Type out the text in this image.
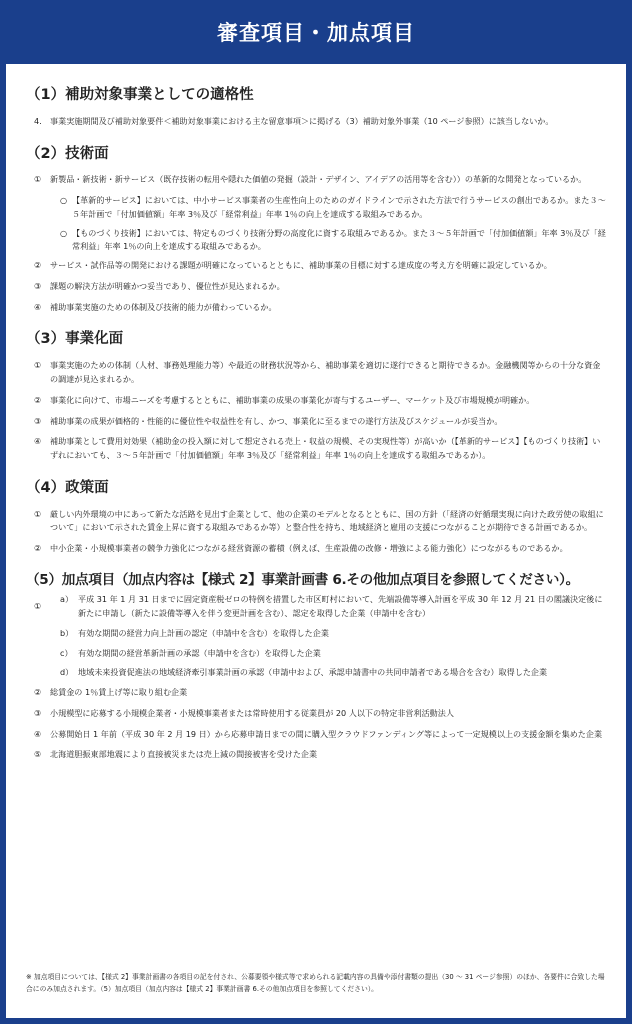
審査項目・加点項目
（1）補助対象事業としての適格性
4.	事業実施期間及び補助対象要件＜補助対象事業における主な留意事項＞に掲げる（3）補助対象外事業（10 ページ参照）に該当しないか。
（2）技術面
①	新製品・新技術・新サービス（既存技術の転用や隠れた価値の発掘（設計・デザイン、アイデアの活用等を含む））の革新的な開発となっているか。
○ 【革新的サービス】においては、中小サービス事業者の生産性向上のためのガイドラインで示された方法で行うサービスの創出であるか。また３～５年計画で「付加価値額」年率 3％及び「経常利益」年率 1％の向上を達成する取組みであるか。
○ 【ものづくり技術】においては、特定ものづくり技術分野の高度化に資する取組みであるか。また３～５年計画で「付加価値額」年率 3％及び「経常利益」年率 1％の向上を達成する取組みであるか。
②	サービス・試作品等の開発における課題が明確になっているとともに、補助事業の目標に対する達成度の考え方を明確に設定しているか。
③	課題の解決方法が明確かつ妥当であり、優位性が見込まれるか。
④	補助事業実施のための体制及び技術的能力が備わっているか。
（3）事業化面
①	事業実施のための体制（人材、事務処理能力等）や最近の財務状況等から、補助事業を適切に遂行できると期待できるか。金融機関等からの十分な資金の調達が見込まれるか。
②	事業化に向けて、市場ニーズを考慮するとともに、補助事業の成果の事業化が寄与するユーザー、マーケット及び市場規模が明確か。
③	補助事業の成果が価格的・性能的に優位性や収益性を有し、かつ、事業化に至るまでの遂行方法及びスケジュールが妥当か。
④	補助事業として費用対効果（補助金の投入額に対して想定される売上・収益の規模、その実現性等）が高いか（【革新的サービス】【ものづくり技術】いずれにおいても、３～５年計画で「付加価値額」年率 3％及び「経常利益」年率 1％の向上を達成する取組みであるか）。
（4）政策面
①	厳しい内外環境の中にあって新たな活路を見出す企業として、他の企業のモデルとなるとともに、国の方針（「経済の好循環実現に向けた政労使の取組について」において示された賃金上昇に資する取組みであるか等）と整合性を持ち、地域経済と雇用の支援につながることが期待できる計画であるか。
②	中小企業・小規模事業者の競争力強化につながる経営資源の蓄積（例えば、生産設備の改修・増強による能力強化）につながるものであるか。
（5）加点項目（加点内容は【様式 2】事業計画書 6.その他加点項目を参照してください）。
①
a） 平成 31 年 1 月 31 日までに固定資産税ゼロの特例を措置した市区町村において、先端設備等導入計画を平成 30 年 12 月 21 日の閣議決定後に新たに申請し（新たに設備等導入を伴う変更計画を含む）、認定を取得した企業（申請中を含む）
b） 有効な期間の経営力向上計画の認定（申請中を含む）を取得した企業
c） 有効な期間の経営革新計画の承認（申請中を含む）を取得した企業
d） 地域未来投資促進法の地域経済牽引事業計画の承認（申請中および、承認申請書中の共同申請者である場合を含む）取得した企業
②	総賃金の 1％賃上げ等に取り組む企業
③	小規模型に応募する小規模企業者・小規模事業者または常時使用する従業員が 20 人以下の特定非営利活動法人
④	公募開始日 1 年前（平成 30 年 2 月 19 日）から応募申請日までの間に購入型クラウドファンディング等によって一定規模以上の支援金額を集めた企業
⑤	北海道胆振東部地震により直接被災または売上減の間接被害を受けた企業
※ 加点項目については、【様式 2】事業計画書の各項目の記を付され、公募要領や様式等で求められる記載内容の具備や添付書類の提出（30 ～ 31 ページ参照）のほか、各要件に合致した場合にのみ加点されます。（5）加点項目（加点内容は【様式 2】事業計画書 6.その他加点項目を参照してください）。
